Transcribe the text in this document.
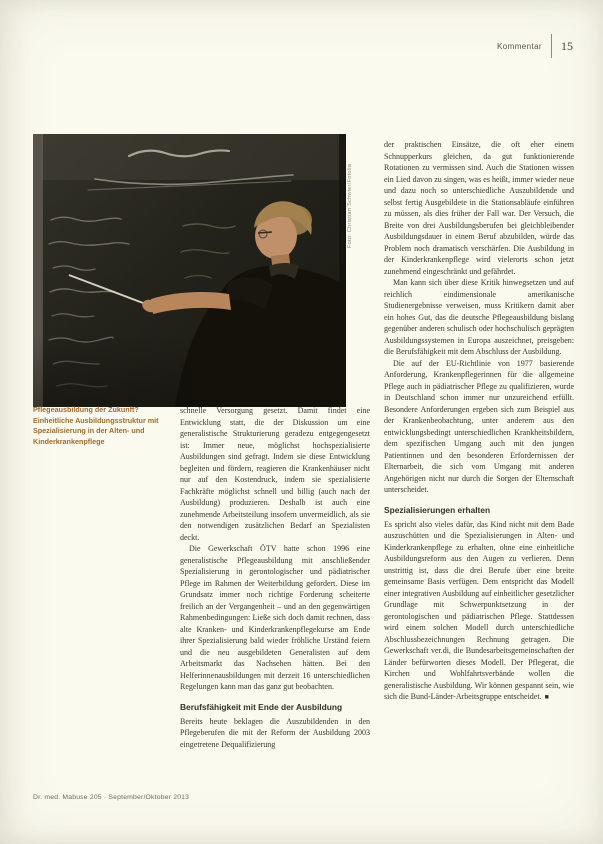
Kommentar 15
Foto: Christian Schwier/Fotolia
Pflegeausbildung der Zukunft? Einheitliche Ausbildungsstruktur mit Spezialisierung in der Alten- und Kinderkrankenpflege

schnelle Versorgung gesetzt. Damit findet eine Entwicklung statt, die der Diskussion um eine generalistische Strukturierung geradezu entgegengesetzt ist: Immer neue, möglichst hochspezialisierte Ausbildungen sind gefragt. Indem sie diese Entwicklung begleiten und fördern, reagieren die Krankenhäuser nicht nur auf den Kostendruck, indem sie spezialisierte Fachkräfte möglichst schnell und billig (auch nach der Ausbildung) produzieren. Deshalb ist auch eine zunehmende Arbeitsteilung insofern unvermeidlich, als sie den notwendigen zusätzlichen Bedarf an Spezialisten deckt.

Die Gewerkschaft ÖTV hatte schon 1996 eine generalistische Pflegeausbildung mit anschließender Spezialisierung in gerontologischer und pädiatrischer Pflege im Rahmen der Weiterbildung gefordert. Diese im Grundsatz immer noch richtige Forderung scheiterte freilich an der Vergangenheit – und an den gegenwärtigen Rahmenbedingungen: Ließe sich doch damit rechnen, dass alte Kranken- und Kinderkrankenpflegekurse am Ende ihrer Spezialisierung bald wieder fröhliche Urständ feiern und die neu ausgebildeten Generalisten auf dem Arbeitsmarkt das Nachsehen hätten. Bei den Helferinnenausbildungen mit derzeit 16 unterschiedlichen Regelungen kann man das ganz gut beobachten.

Berufsfähigkeit mit Ende der Ausbildung

Bereits heute beklagen die Auszubildenden in den Pflegeberufen die mit der Reform der Ausbildung 2003 eingetretene Dequalifizierung

der praktischen Einsätze, die oft eher einem Schnupperkurs gleichen, da gut funktionierende Rotationen zu vermissen sind. Auch die Stationen wissen ein Lied davon zu singen, was es heißt, immer wieder neue und dazu noch so unterschiedliche Auszubildende und selbst fertig Ausgebildete in die Stationsabläufe einführen zu müssen, als dies früher der Fall war. Der Versuch, die Breite von drei Ausbildungsberufen bei gleichbleibender Ausbildungsdauer in einem Beruf abzubilden, würde das Problem noch dramatisch verschärfen. Die Ausbildung in der Kinderkrankenpflege wird vielerorts schon jetzt zunehmend eingeschränkt und gefährdet.

Man kann sich über diese Kritik hinwegsetzen und auf reichlich eindimensionale amerikanische Studienergebnisse verweisen, muss Kritikern damit aber ein hohes Gut, das die deutsche Pflegeausbildung bislang gegenüber anderen schulisch oder hochschulisch geprägten Ausbildungssystemen in Europa auszeichnet, preisgeben: die Berufsfähigkeit mit dem Abschluss der Ausbildung.

Die auf der EU-Richtlinie von 1977 basierende Anforderung, Krankenpflegerinnen für die allgemeine Pflege auch in pädiatrischer Pflege zu qualifizieren, wurde in Deutschland schon immer nur unzureichend erfüllt. Besondere Anforderungen ergeben sich zum Beispiel aus der Krankenbeobachtung, unter anderem aus den entwicklungsbedingt unterschiedlichen Krankheitsbildern, dem spezifischen Umgang auch mit den jungen Patientinnen und den besonderen Erfordernissen der Elternarbeit, die sich vom Umgang mit anderen Angehörigen nicht nur durch die Sorgen der Elternschaft unterscheidet.

Spezialisierungen erhalten

Es spricht also vieles dafür, das Kind nicht mit dem Bade auszuschütten und die Spezialisierungen in Alten- und Kinderkrankenpflege zu erhalten, ohne eine einheitliche Ausbildungsreform aus den Augen zu verlieren. Denn unstrittig ist, dass die drei Berufe über eine breite gemeinsame Basis verfügen. Dem entspricht das Modell einer integrativen Ausbildung auf einheitlicher gesetzlicher Grundlage mit Schwerpunktsetzung in der gerontologischen und pädiatrischen Pflege. Stattdessen wird einem solchen Modell durch unterschiedliche Abschlussbezeichnungen Rechnung getragen. Die Gewerkschaft ver.di, die Bundesarbeitsgemeinschaften der Länder befürworten dieses Modell. Der Pflegerat, die Kirchen und Wohlfahrtsverbände wollen die generalistische Ausbildung. Wir können gespannt sein, wie sich die Bund-Länder-Arbeitsgruppe entscheidet. ■

Dr. med. Mabuse 205 · September/Oktober 2013
